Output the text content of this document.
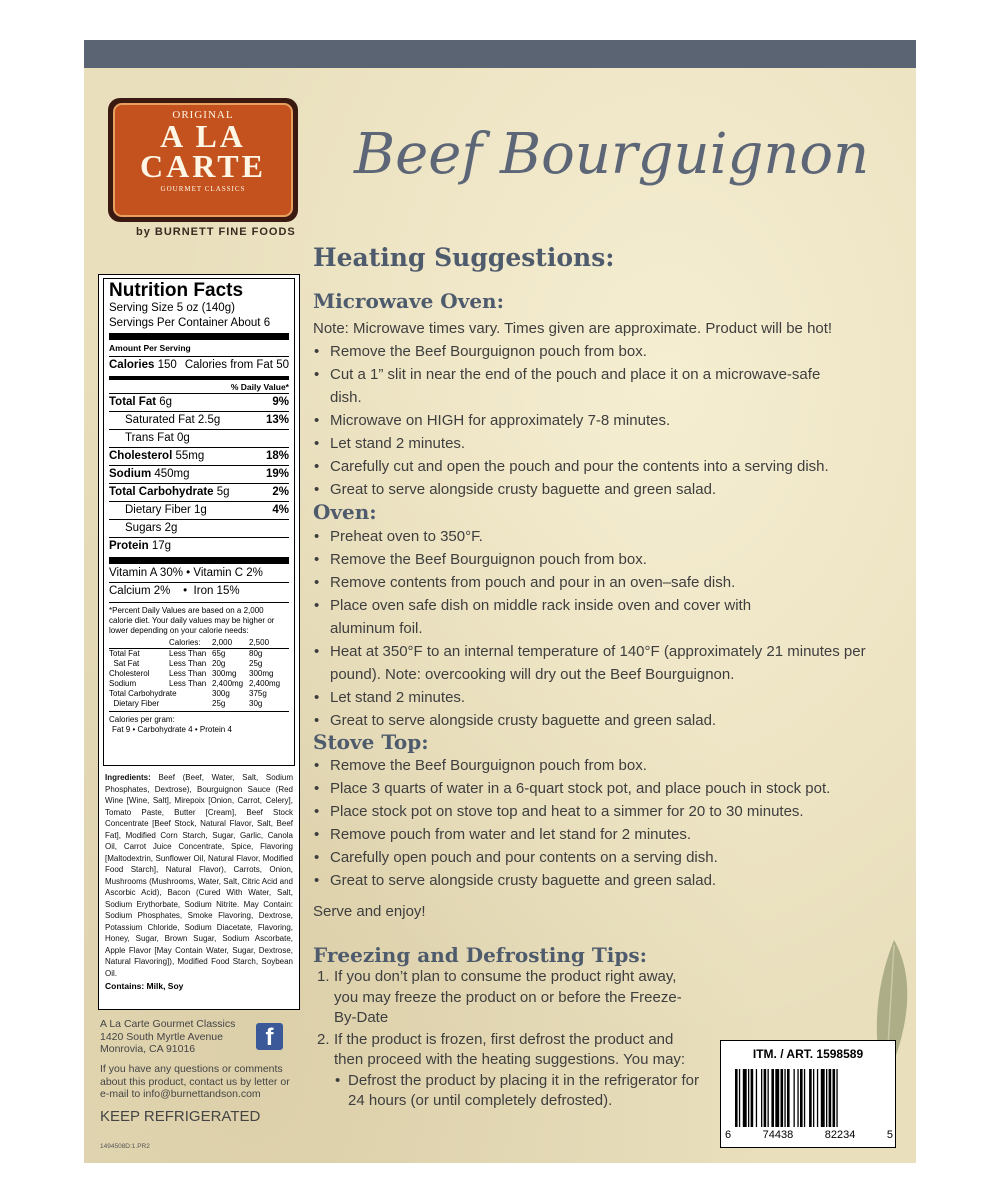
ORIGINAL
A LA
CARTE
GOURMET CLASSICS
by BURNETT FINE FOODS
Beef Bourguignon
Heating Suggestions:
Microwave Oven:
Note: Microwave times vary. Times given are approximate. Product will be hot!
• Remove the Beef Bourguignon pouch from box.
• Cut a 1” slit in near the end of the pouch and place it on a microwave-safe dish.
• Microwave on HIGH for approximately 7-8 minutes.
• Let stand 2 minutes.
• Carefully cut and open the pouch and pour the contents into a serving dish.
• Great to serve alongside crusty baguette and green salad.
Oven:
• Preheat oven to 350°F.
• Remove the Beef Bourguignon pouch from box.
• Remove contents from pouch and pour in an oven–safe dish.
• Place oven safe dish on middle rack inside oven and cover with aluminum foil.
• Heat at 350°F to an internal temperature of 140°F (approximately 21 minutes per pound). Note: overcooking will dry out the Beef Bourguignon.
• Let stand 2 minutes.
• Great to serve alongside crusty baguette and green salad.
Stove Top:
• Remove the Beef Bourguignon pouch from box.
• Place 3 quarts of water in a 6-quart stock pot, and place pouch in stock pot.
• Place stock pot on stove top and heat to a simmer for 20 to 30 minutes.
• Remove pouch from water and let stand for 2 minutes.
• Carefully open pouch and pour contents on a serving dish.
• Great to serve alongside crusty baguette and green salad.
Serve and enjoy!
Freezing and Defrosting Tips:
1. If you don’t plan to consume the product right away, you may freeze the product on or before the Freeze-By-Date
2. If the product is frozen, first defrost the product and then proceed with the heating suggestions. You may:
• Defrost the product by placing it in the refrigerator for 24 hours (or until completely defrosted).
Nutrition Facts
Serving Size 5 oz (140g)
Servings Per Container About 6
Amount Per Serving
Calories 150 Calories from Fat 50
% Daily Value*
Total Fat 6g	9%
Saturated Fat 2.5g	13%
Trans Fat 0g
Cholesterol 55mg	18%
Sodium 450mg	19%
Total Carbohydrate 5g	2%
Dietary Fiber 1g	4%
Sugars 2g
Protein 17g
Vitamin A 30% • Vitamin C 2%
Calcium 2%    •  Iron 15%
*Percent Daily Values are based on a 2,000 calorie diet. Your daily values may be higher or lower depending on your calorie needs:
Calories:	2,000	2,500
Total Fat	Less Than 65g	80g
Sat Fat	Less Than 20g	25g
Cholesterol	Less Than 300mg	300mg
Sodium	Less Than 2,400mg 2,400mg
Total Carbohydrate	300g	375g
Dietary Fiber	25g	30g
Calories per gram:
Fat 9 • Carbohydrate 4 • Protein 4
Ingredients: Beef (Beef, Water, Salt, Sodium Phosphates, Dextrose), Bourguignon Sauce (Red Wine [Wine, Salt], Mirepoix [Onion, Carrot, Celery], Tomato Paste, Butter [Cream], Beef Stock Concentrate [Beef Stock, Natural Flavor, Salt, Beef Fat], Modified Corn Starch, Sugar, Garlic, Canola Oil, Carrot Juice Concentrate, Spice, Flavoring [Maltodextrin, Sunflower Oil, Natural Flavor, Modified Food Starch], Natural Flavor), Carrots, Onion, Mushrooms (Mushrooms, Water, Salt, Citric Acid and Ascorbic Acid), Bacon (Cured With Water, Salt, Sodium Erythorbate, Sodium Nitrite. May Contain: Sodium Phosphates, Smoke Flavoring, Dextrose, Potassium Chloride, Sodium Diacetate, Flavoring, Honey, Sugar, Brown Sugar, Sodium Ascorbate, Apple Flavor [May Contain Water, Sugar, Dextrose, Natural Flavoring]), Modified Food Starch, Soybean Oil.
Contains: Milk, Soy
A La Carte Gourmet Classics
1420 South Myrtle Avenue
Monrovia, CA 91016	f
If you have any questions or comments about this product, contact us by letter or e-mail to info@burnettandson.com
KEEP REFRIGERATED
1494508D:1.PR2
ITM. / ART. 1598589
6	74438	82234	5
